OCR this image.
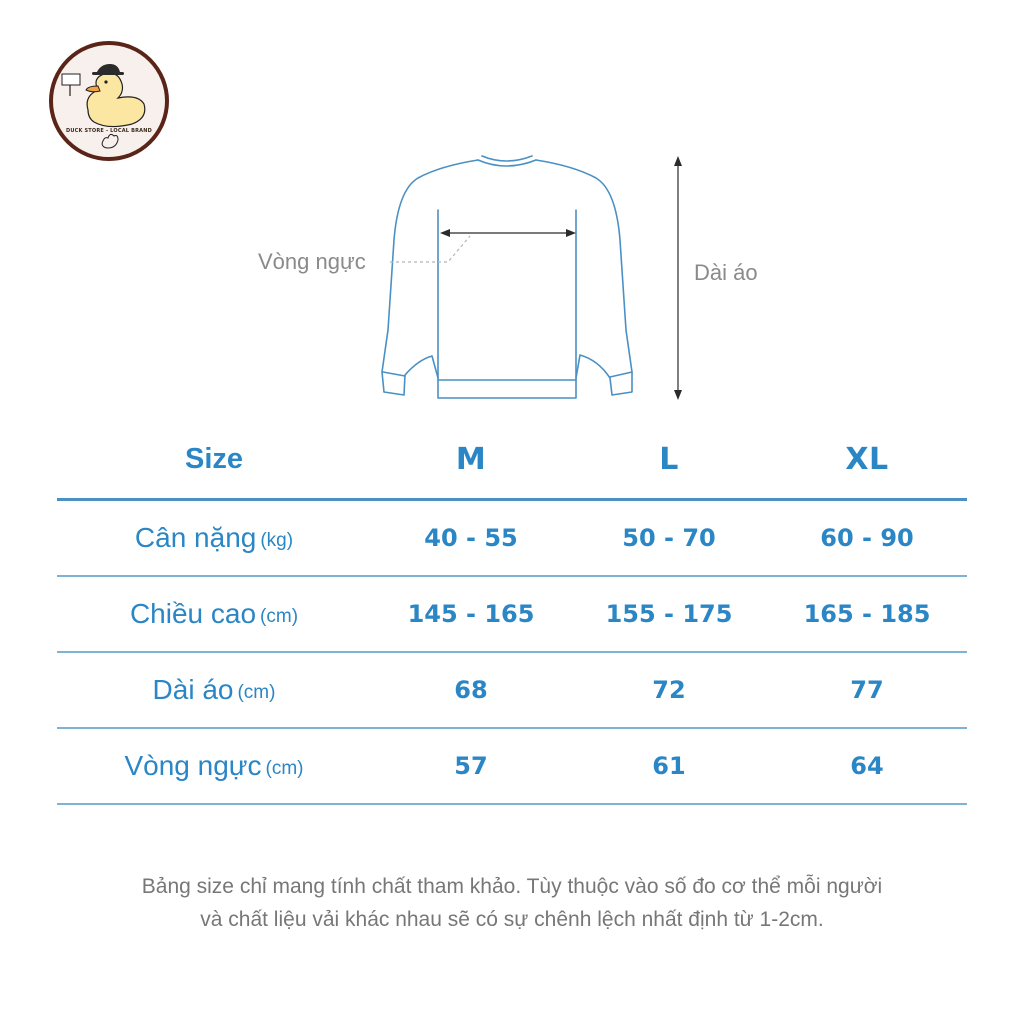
DUCK STORE - LOCAL BRAND
Vòng ngực	Dài áo
Size	M	L	XL
Cân nặng (kg)	40 - 55	50 - 70	60 - 90
Chiều cao (cm)	145 - 165	155 - 175	165 - 185
Dài áo (cm)	68	72	77
Vòng ngực (cm)	57	61	64
Bảng size chỉ mang tính chất tham khảo. Tùy thuộc vào số đo cơ thể mỗi người
và chất liệu vải khác nhau sẽ có sự chênh lệch nhất định từ 1-2cm.
